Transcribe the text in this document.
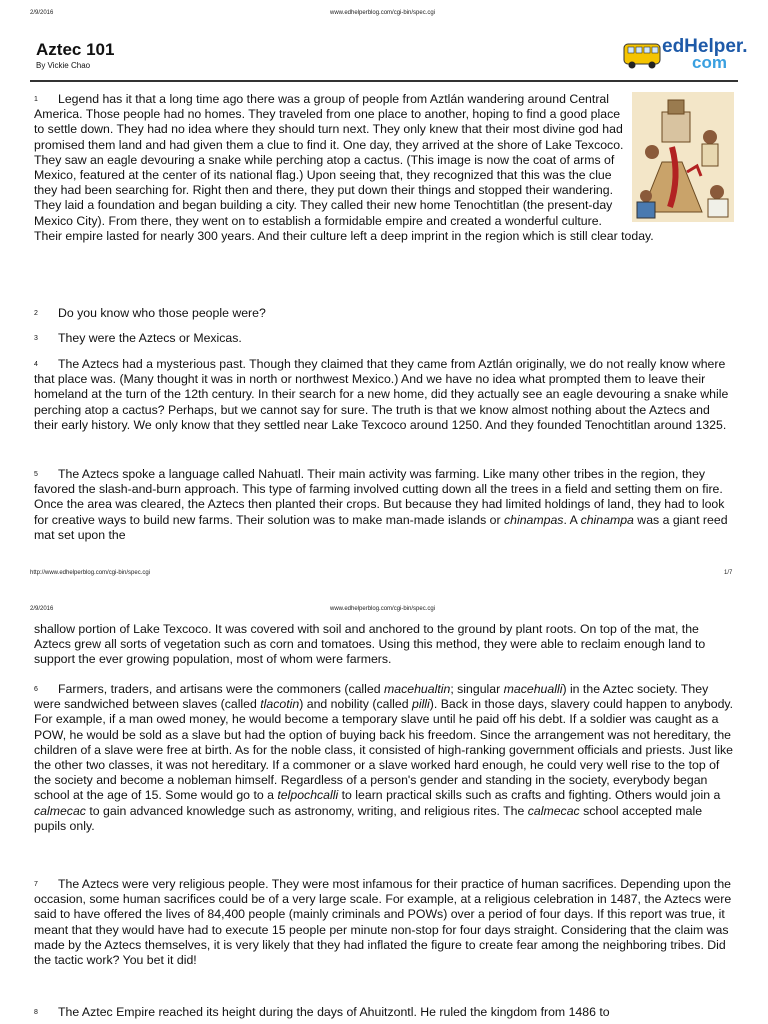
2/9/2016	www.edhelperblog.com/cgi-bin/spec.cgi
Aztec 101
By Vickie Chao
edHelper.
com
1 Legend has it that a long time ago there was a group of people from Aztlán wandering around Central America. Those people had no homes. They traveled from one place to another, hoping to find a good place to settle down. They had no idea where they should turn next. They only knew that their most divine god had promised them land and had given them a clue to find it. One day, they arrived at the shore of Lake Texcoco. They saw an eagle devouring a snake while perching atop a cactus. (This image is now the coat of arms of Mexico, featured at the center of its national flag.) Upon seeing that, they recognized that this was the clue they had been searching for. Right then and there, they put down their things and stopped their wandering. They laid a foundation and began building a city. They called their new home Tenochtitlan (the present-day Mexico City). From there, they went on to establish a formidable empire and created a wonderful culture. Their empire lasted for nearly 300 years. And their culture left a deep imprint in the region which is still clear today.
2 Do you know who those people were?
3 They were the Aztecs or Mexicas.
4 The Aztecs had a mysterious past. Though they claimed that they came from Aztlán originally, we do not really know where that place was. (Many thought it was in north or northwest Mexico.) And we have no idea what prompted them to leave their homeland at the turn of the 12th century. In their search for a new home, did they actually see an eagle devouring a snake while perching atop a cactus? Perhaps, but we cannot say for sure. The truth is that we know almost nothing about the Aztecs and their early history. We only know that they settled near Lake Texcoco around 1250. And they founded Tenochtitlan around 1325.
5 The Aztecs spoke a language called Nahuatl. Their main activity was farming. Like many other tribes in the region, they favored the slash-and-burn approach. This type of farming involved cutting down all the trees in a field and setting them on fire. Once the area was cleared, the Aztecs then planted their crops. But because they had limited holdings of land, they had to look for creative ways to build new farms. Their solution was to make man-made islands or chinampas. A chinampa was a giant reed mat set upon the
http://www.edhelperblog.com/cgi-bin/spec.cgi	1/7
2/9/2016	www.edhelperblog.com/cgi-bin/spec.cgi
shallow portion of Lake Texcoco. It was covered with soil and anchored to the ground by plant roots. On top of the mat, the Aztecs grew all sorts of vegetation such as corn and tomatoes. Using this method, they were able to reclaim enough land to support the ever growing population, most of whom were farmers.
6 Farmers, traders, and artisans were the commoners (called macehualtin; singular macehualli) in the Aztec society. They were sandwiched between slaves (called tlacotin) and nobility (called pilli). Back in those days, slavery could happen to anybody. For example, if a man owed money, he would become a temporary slave until he paid off his debt. If a soldier was caught as a POW, he would be sold as a slave but had the option of buying back his freedom. Since the arrangement was not hereditary, the children of a slave were free at birth. As for the noble class, it consisted of high-ranking government officials and priests. Just like the other two classes, it was not hereditary. If a commoner or a slave worked hard enough, he could very well rise to the top of the society and become a nobleman himself. Regardless of a person's gender and standing in the society, everybody began school at the age of 15. Some would go to a telpochcalli to learn practical skills such as crafts and fighting. Others would join a calmecac to gain advanced knowledge such as astronomy, writing, and religious rites. The calmecac school accepted male pupils only.
7 The Aztecs were very religious people. They were most infamous for their practice of human sacrifices. Depending upon the occasion, some human sacrifices could be of a very large scale. For example, at a religious celebration in 1487, the Aztecs were said to have offered the lives of 84,400 people (mainly criminals and POWs) over a period of four days. If this report was true, it meant that they would have had to execute 15 people per minute non-stop for four days straight. Considering that the claim was made by the Aztecs themselves, it is very likely that they had inflated the figure to create fear among the neighboring tribes. Did the tactic work? You bet it did!
8 The Aztec Empire reached its height during the days of Ahuitzontl. He ruled the kingdom from 1486 to
